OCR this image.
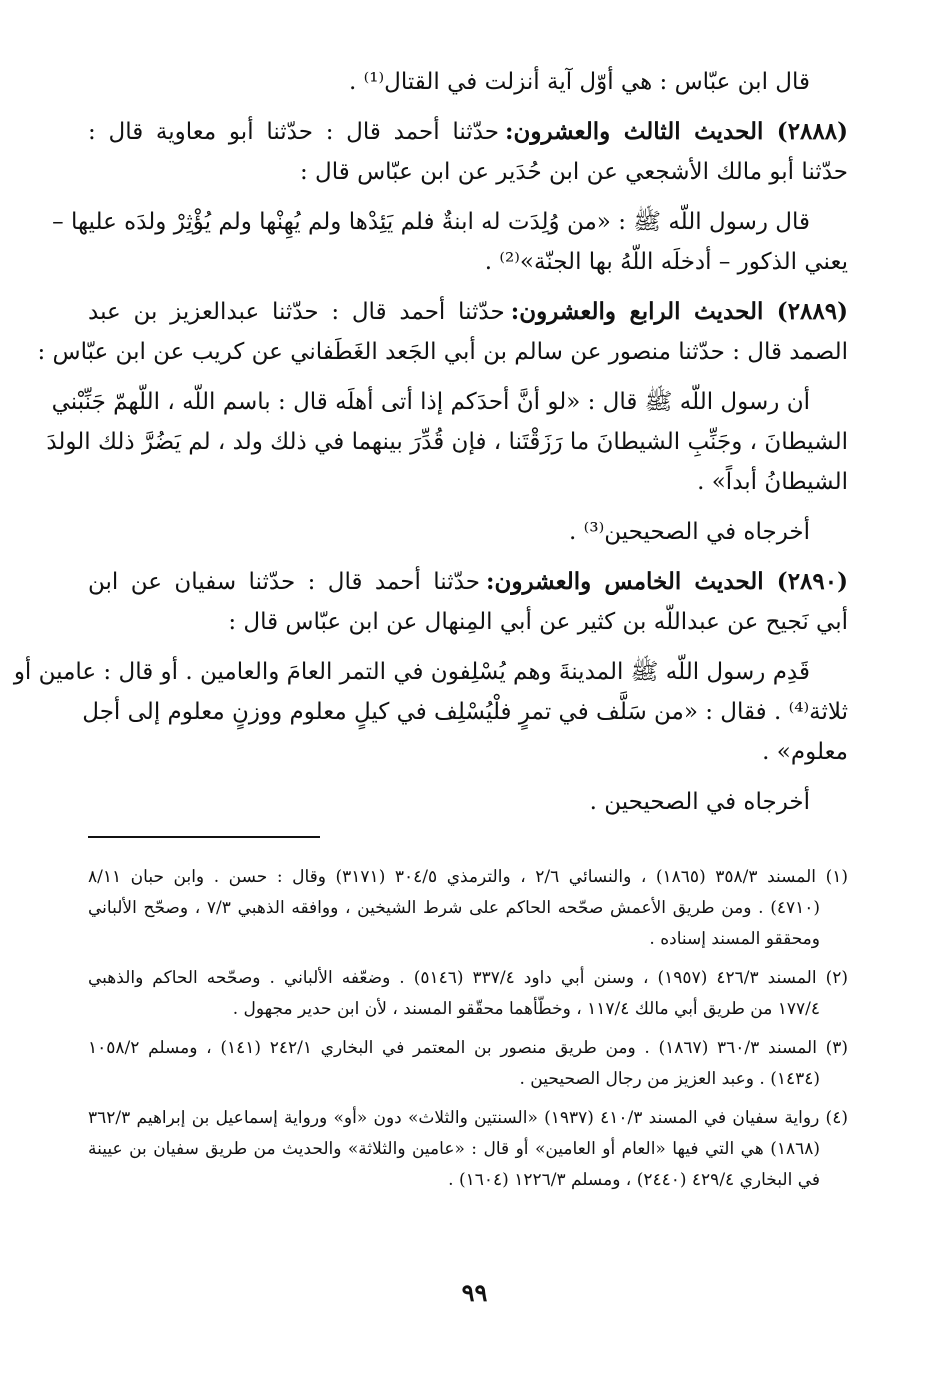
قال ابن عبّاس : هي أوّل آية أنزلت في القتال⁽¹⁾ .
(٢٨٨٨) الحديث الثالث والعشرون:حدّثنا أحمد قال : حدّثنا أبو معاوية قال :
حدّثنا أبو مالك الأشجعي عن ابن حُدَير عن ابن عبّاس قال :
قال رسول اللّه ﷺ : «من وُلِدَت له ابنةٌ فلم يَئِدْها ولم يُهِنْها ولم يُؤْثِرْ ولدَه عليها –
يعني الذكور – أدخلَه اللّهُ بها الجنّة»⁽²⁾ .
(٢٨٨٩) الحديث الرابع والعشرون:حدّثنا أحمد قال : حدّثنا عبدالعزيز بن عبد
الصمد قال : حدّثنا منصور عن سالم بن أبي الجَعد الغَطَفاني عن كريب عن ابن عبّاس :
أن رسول اللّه ﷺ قال : «لو أنَّ أحدَكم إذا أتى أهلَه قال : باسم اللّه ، اللّهمّ جَنِّبْني
الشيطانَ ، وجَنِّبِ الشيطانَ ما رَزَقْتَنا ، فإن قُدِّرَ بينهما في ذلك ولد ، لم يَضُرَّ ذلك الولدَ
الشيطانُ أبداً» .
أخرجاه في الصحيحين⁽³⁾ .
(٢٨٩٠) الحديث الخامس والعشرون:حدّثنا أحمد قال : حدّثنا سفيان عن ابن
أبي نَجيح عن عبداللّه بن كثير عن أبي المِنهال عن ابن عبّاس قال :
قَدِم رسول اللّه ﷺ المدينةَ وهم يُسْلِفون في التمر العامَ والعامين . أو قال : عامين أو
ثلاثة⁽⁴⁾ . فقال : «من سَلَّف في تمرٍ فلْيُسْلِف في كيلٍ معلوم ووزنٍ معلوم إلى أجل
معلوم» .
أخرجاه في الصحيحين .
(١) المسند ٣٥٨/٣ (١٨٦٥) ، والنسائي ٢/٦ ، والترمذي ٣٠٤/٥ (٣١٧١) وقال : حسن . وابن حبان ٨/١١
(٤٧١٠) . ومن طريق الأعمش صحّحه الحاكم على شرط الشيخين ، ووافقه الذهبي ٧/٣ ، وصحّح الألباني
ومحققو المسند إسناده .
(٢) المسند ٤٢٦/٣ (١٩٥٧) ، وسنن أبي داود ٣٣٧/٤ (٥١٤٦) . وضعّفه الألباني . وصحّحه الحاكم والذهبي
١٧٧/٤ من طريق أبي مالك ١١٧/٤ ، وخطّأهما محقّقو المسند ، لأن ابن حدير مجهول .
(٣) المسند ٣٦٠/٣ (١٨٦٧) . ومن طريق منصور بن المعتمر في البخاري ٢٤٢/١ (١٤١) ، ومسلم ١٠٥٨/٢
(١٤٣٤) . وعبد العزيز من رجال الصحيحين .
(٤) رواية سفيان في المسند ٤١٠/٣ (١٩٣٧) «السنتين والثلاث» دون «أو» ورواية إسماعيل بن إبراهيم ٣٦٢/٣
(١٨٦٨) هي التي فيها «العام أو العامين» أو قال : «عامين والثلاثة» والحديث من طريق سفيان بن عيينة
في البخاري ٤٢٩/٤ (٢٤٤٠) ، ومسلم ١٢٢٦/٣ (١٦٠٤) .
٩٩
